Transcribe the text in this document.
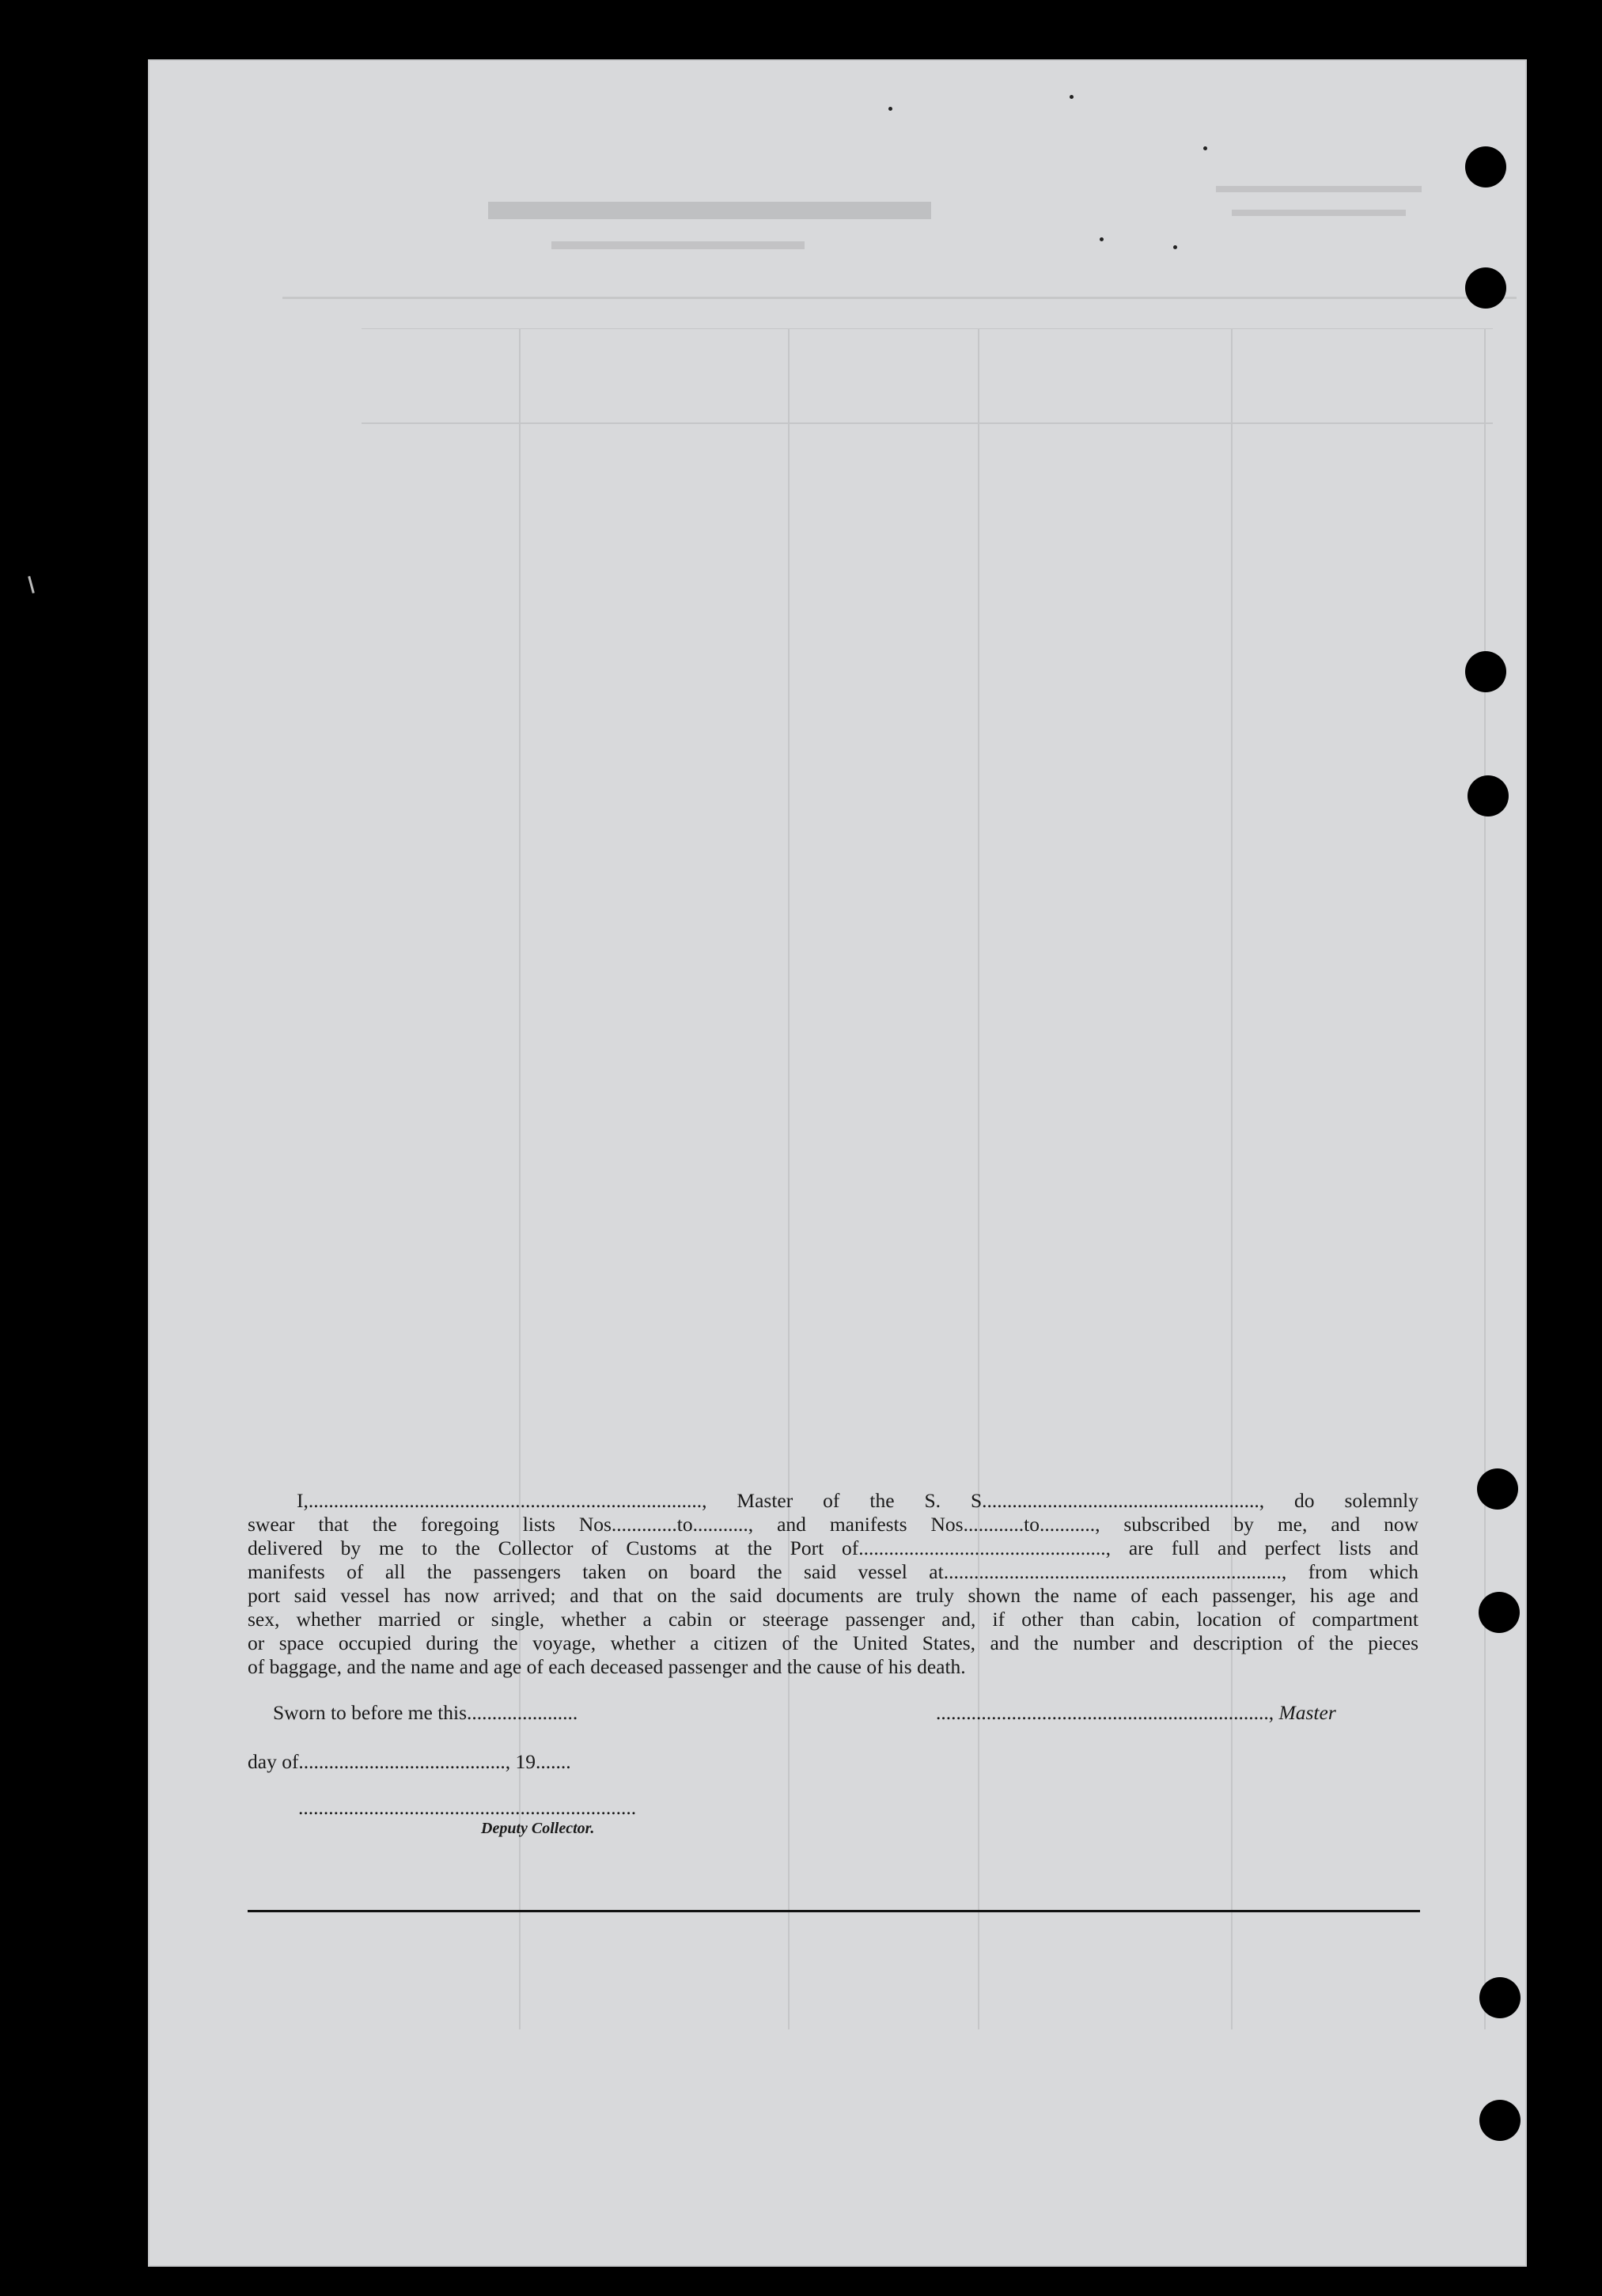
I,.............................................................................., Master of the S. S......................................................., do solemnly

swear that the foregoing lists Nos.............to..........., and manifests Nos............to..........., subscribed by me, and now

delivered by me to the Collector of Customs at the Port of................................................., are full and perfect lists and

manifests of all the passengers taken on board the said vessel at..................................................................., from which

port said vessel has now arrived; and that on the said documents are truly shown the name of each passenger, his age and

sex, whether married or single, whether a cabin or steerage passenger and, if other than cabin, location of compartment

or space occupied during the voyage, whether a citizen of the United States, and the number and description of the pieces

of baggage, and the name and age of each deceased passenger and the cause of his death.

Sworn to before me this......................	.................................................................., Master
day of........................................., 19.......
...................................................................
Deputy Collector.
